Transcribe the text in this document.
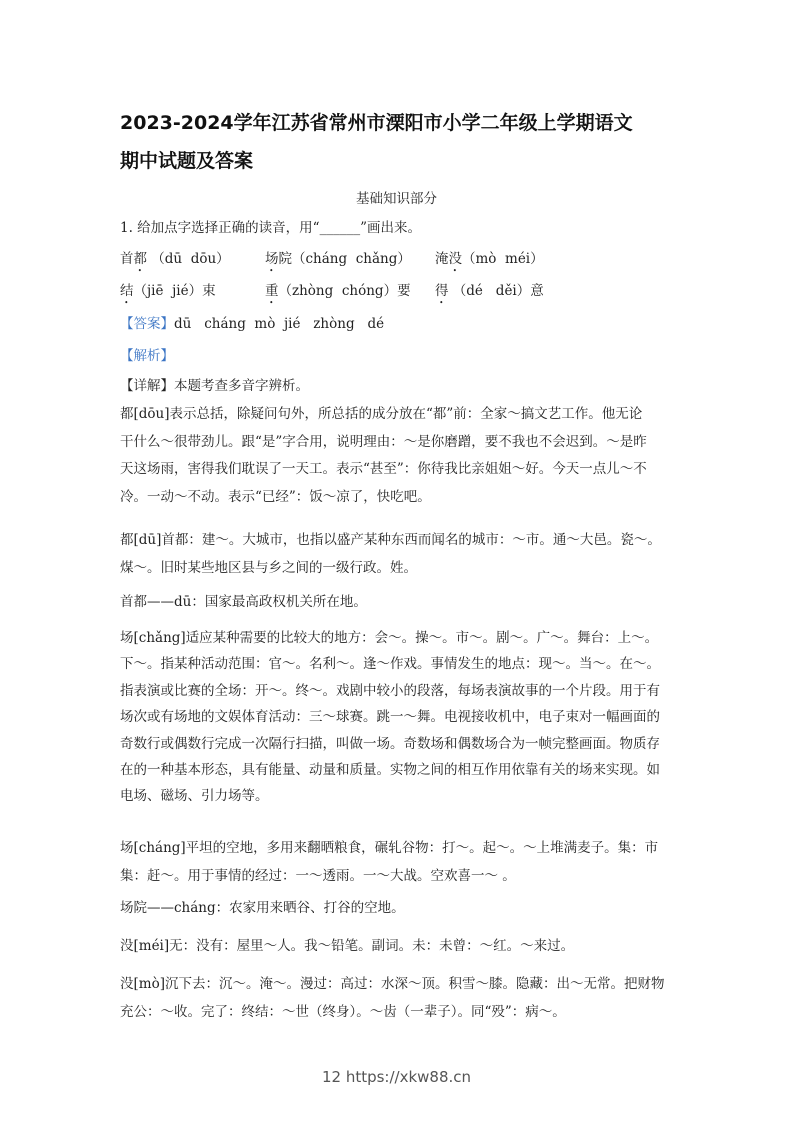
2023-2024学年江苏省常州市溧阳市小学二年级上学期语文
期中试题及答案
基础知识部分
1. 给加点字选择正确的读音，用“______”画出来。
首都 （dū  dōu）	场院（cháng  chǎng） 淹没（mò  méi）
结（jiē  jié）束	重（zhòng  chóng）要 得 （dé   děi）意
【答案】dū   cháng  mò  jié   zhòng   dé
【解析】
【详解】本题考查多音字辨析。
都[dōu]表示总括，除疑问句外，所总括的成分放在“都”前：全家～搞文艺工作。他无论
干什么～很带劲儿。跟“是”字合用，说明理由：～是你磨蹭，要不我也不会迟到。～是昨
天这场雨，害得我们耽误了一天工。表示“甚至”：你待我比亲姐姐～好。今天一点儿～不
冷。一动～不动。表示“已经”：饭～凉了，快吃吧。
都[dū]首都：建～。大城市，也指以盛产某种东西而闻名的城市：～市。通～大邑。瓷～。
煤～。旧时某些地区县与乡之间的一级行政。姓。
首都——dū：国家最高政权机关所在地。
场[chǎng]适应某种需要的比较大的地方：会～。操～。市～。剧～。广～。舞台：上～。
下～。指某种活动范围：官～。名利～。逢～作戏。事情发生的地点：现～。当～。在～。
指表演或比赛的全场：开～。终～。戏剧中较小的段落，每场表演故事的一个片段。用于有
场次或有场地的文娱体育活动：三～球赛。跳一～舞。电视接收机中，电子束对一幅画面的
奇数行或偶数行完成一次隔行扫描，叫做一场。奇数场和偶数场合为一帧完整画面。物质存
在的一种基本形态，具有能量、动量和质量。实物之间的相互作用依靠有关的场来实现。如
电场、磁场、引力场等。
场[cháng]平坦的空地，多用来翻晒粮食，碾轧谷物：打～。起～。～上堆满麦子。集：市
集：赶～。用于事情的经过：一～透雨。一～大战。空欢喜一～ 。
场院——cháng：农家用来晒谷、打谷的空地。
没[méi]无：没有：屋里～人。我～铅笔。副词。未：未曾：～红。～来过。
没[mò]沉下去：沉～。淹～。漫过：高过：水深～顶。积雪～膝。隐藏：出～无常。把财物
充公：～收。完了：终结：～世（终身）。～齿（一辈子）。同“殁”：病～。
12 https://xkw88.cn
